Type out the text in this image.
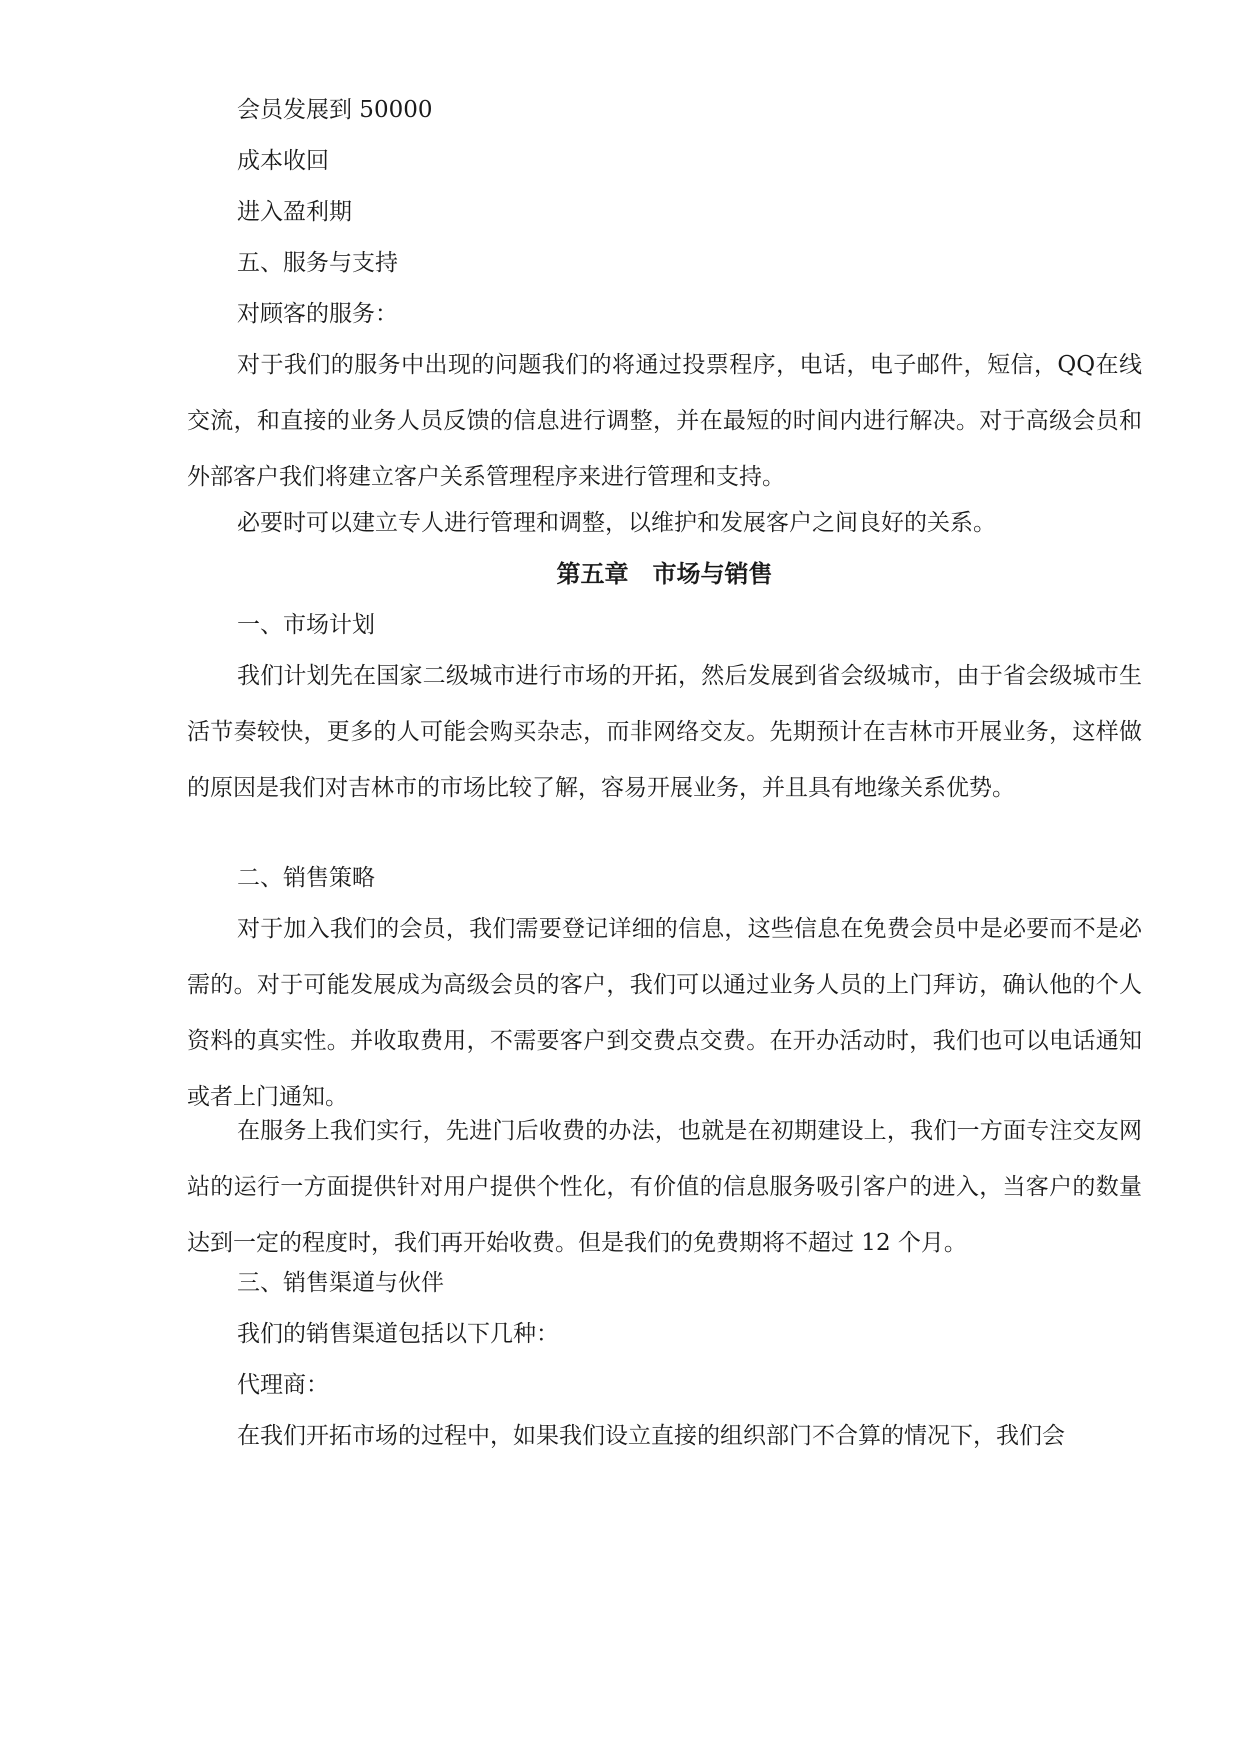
会员发展到 50000
成本收回
进入盈利期
五、服务与支持
对顾客的服务：
对于我们的服务中出现的问题我们的将通过投票程序，电话，电子邮件，短信，QQ在线交流，和直接的业务人员反馈的信息进行调整，并在最短的时间内进行解决。对于高级会员和外部客户我们将建立客户关系管理程序来进行管理和支持。
必要时可以建立专人进行管理和调整，以维护和发展客户之间良好的关系。
第五章　市场与销售
一、市场计划
我们计划先在国家二级城市进行市场的开拓，然后发展到省会级城市，由于省会级城市生活节奏较快，更多的人可能会购买杂志，而非网络交友。先期预计在吉林市开展业务，这样做的原因是我们对吉林市的市场比较了解，容易开展业务，并且具有地缘关系优势。
二、销售策略
对于加入我们的会员，我们需要登记详细的信息，这些信息在免费会员中是必要而不是必需的。对于可能发展成为高级会员的客户，我们可以通过业务人员的上门拜访，确认他的个人资料的真实性。并收取费用，不需要客户到交费点交费。在开办活动时，我们也可以电话通知或者上门通知。
在服务上我们实行，先进门后收费的办法，也就是在初期建设上，我们一方面专注交友网站的运行一方面提供针对用户提供个性化，有价值的信息服务吸引客户的进入，当客户的数量达到一定的程度时，我们再开始收费。但是我们的免费期将不超过 12 个月。
三、销售渠道与伙伴
我们的销售渠道包括以下几种：
代理商：
在我们开拓市场的过程中，如果我们设立直接的组织部门不合算的情况下，我们会
